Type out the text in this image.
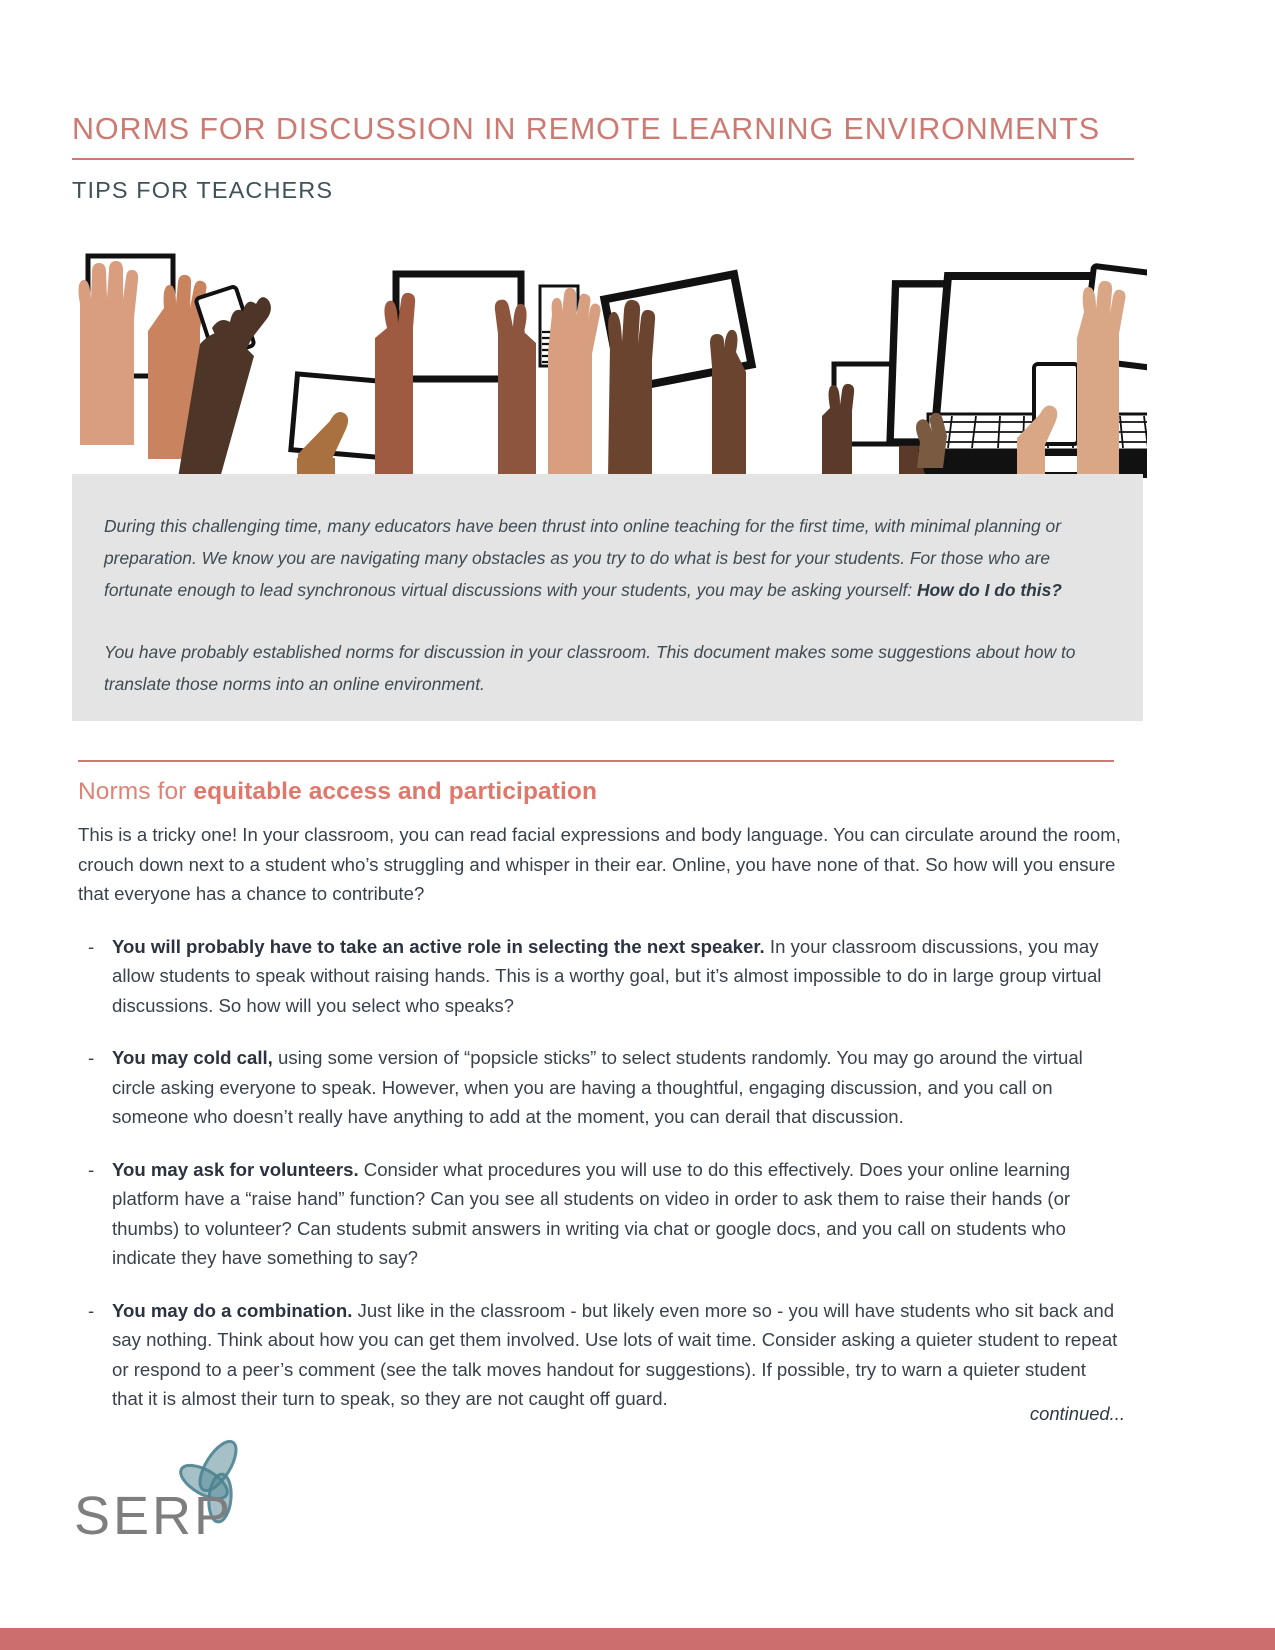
NORMS FOR DISCUSSION IN REMOTE LEARNING ENVIRONMENTS
TIPS FOR TEACHERS

During this challenging time, many educators have been thrust into online teaching for the first time, with minimal planning or preparation. We know you are navigating many obstacles as you try to do what is best for your students. For those who are fortunate enough to lead synchronous virtual discussions with your students, you may be asking yourself: How do I do this?

You have probably established norms for discussion in your classroom. This document makes some suggestions about how to translate those norms into an online environment.

Norms for equitable access and participation

This is a tricky one! In your classroom, you can read facial expressions and body language. You can circulate around the room, crouch down next to a student who’s struggling and whisper in their ear. Online, you have none of that. So how will you ensure that everyone has a chance to contribute?

- You will probably have to take an active role in selecting the next speaker. In your classroom discussions, you may allow students to speak without raising hands. This is a worthy goal, but it’s almost impossible to do in large group virtual discussions. So how will you select who speaks?
- You may cold call, using some version of “popsicle sticks” to select students randomly. You may go around the virtual circle asking everyone to speak. However, when you are having a thoughtful, engaging discussion, and you call on someone who doesn’t really have anything to add at the moment, you can derail that discussion.
- You may ask for volunteers. Consider what procedures you will use to do this effectively. Does your online learning platform have a “raise hand” function? Can you see all students on video in order to ask them to raise their hands (or thumbs) to volunteer? Can students submit answers in writing via chat or google docs, and you call on students who indicate they have something to say?
- You may do a combination. Just like in the classroom - but likely even more so - you will have students who sit back and say nothing. Think about how you can get them involved. Use lots of wait time. Consider asking a quieter student to repeat or respond to a peer’s comment (see the talk moves handout for suggestions). If possible, try to warn a quieter student that it is almost their turn to speak, so they are not caught off guard.
continued...
SERP
